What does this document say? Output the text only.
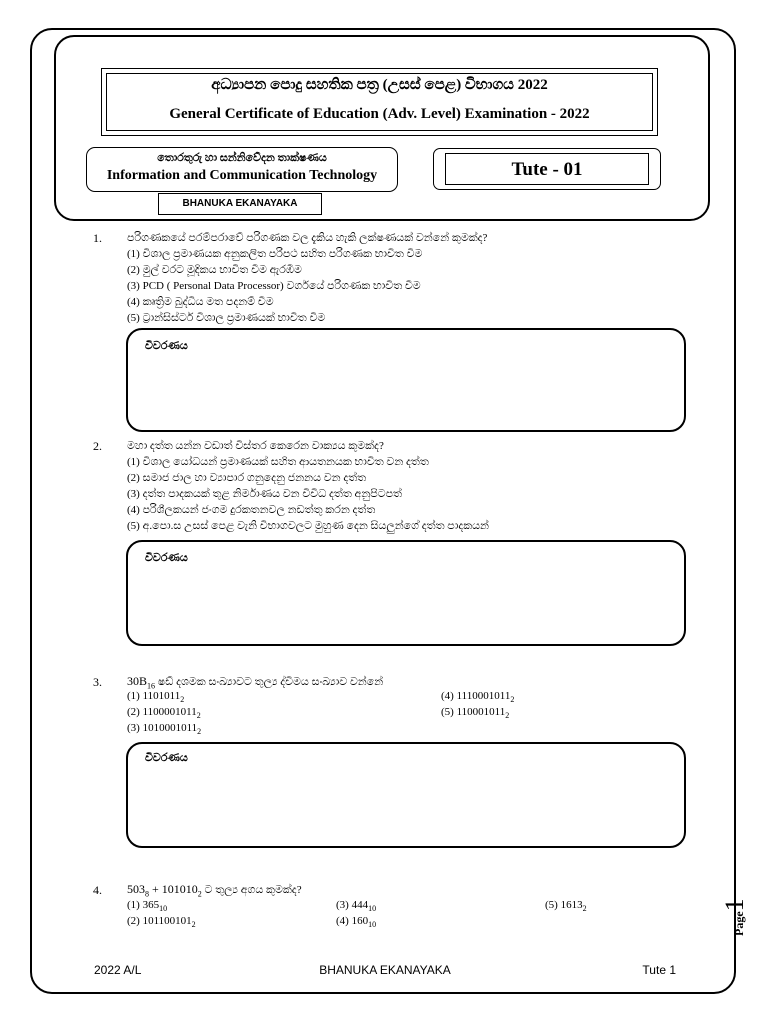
අධ්‍යාපන පොදු සහතික පත්‍ර (උසස් පෙළ) විභාගය 2022
General Certificate of Education (Adv. Level) Examination - 2022
තොරතුරු හා සන්නිවේදන තාක්ෂණය
Information and Communication Technology
BHANUKA EKANAYAKA
Tute - 01
1. පරිගණකයේ පරම්පරාවේ පරිගණක වල දැකිය හැකි ලක්ෂණයක් වන්නේ කුමක්ද?
(1) විශාල ප්‍රමාණයක අනුකලිත පරිපථ සහිත පරිගණක භාවිත වීම
(2) මුල් වරට මූදිකය භාවිත වීම ඇරඹීම
(3) PCD ( Personal Data Processor) වර්ගයේ පරිගණක භාවිත වීම
(4) කෘත්‍රිම බුද්ධිය මත පදනම් වීම
(5) ට්‍රාන්සිස්ටර් විශාල ප්‍රමාණයක් භාවිත වීම
විවරණය
2. මහා දත්ත යන්න වඩාත් විස්තර කෙරෙන වාක්‍යය කුමක්ද?
(1) විශාල යෝධයන් ප්‍රමාණයක් සහිත ආයතනයක භාවිත වන දත්ත
(2) සමාජ ජාල හා ව්‍යාපාර ගනුදෙනු ජනනය වන දත්ත
(3) දත්ත පාදකයක් තුළ නිර්මාණය වන විවිධ දත්ත අනුපිටපත්
(4) පරිශීලකයන් ජංගම දුරකතනවල නඩත්තු කරන දත්ත
(5) අ.පො.ස උසස් පෙළ වැනි විභාගවලට මුහුණ දෙන සියලුන්ගේ දත්ත පාදකයන්
විවරණය
3. $30B_{16}$ ෂඩ් දශමක සංඛ්‍යාවට තුල්‍ය ද්විමය සංඛ්‍යාව වන්නේ
(1) $1101011_2$
(2) $1100001011_2$
(3) $1010001011_2$
(4) $1110001011_2$
(5) $110001011_2$
විවරණය
4. $503_8 + 101010_2$ ට තුල්‍ය අගය කුමක්ද?
(1) $365_{10}$
(2) $101100101_2$
(3) $444_{10}$
(4) $160_{10}$
(5) $1613_2$
Page1
2022 A/L	BHANUKA EKANAYAKA	Tute 1
